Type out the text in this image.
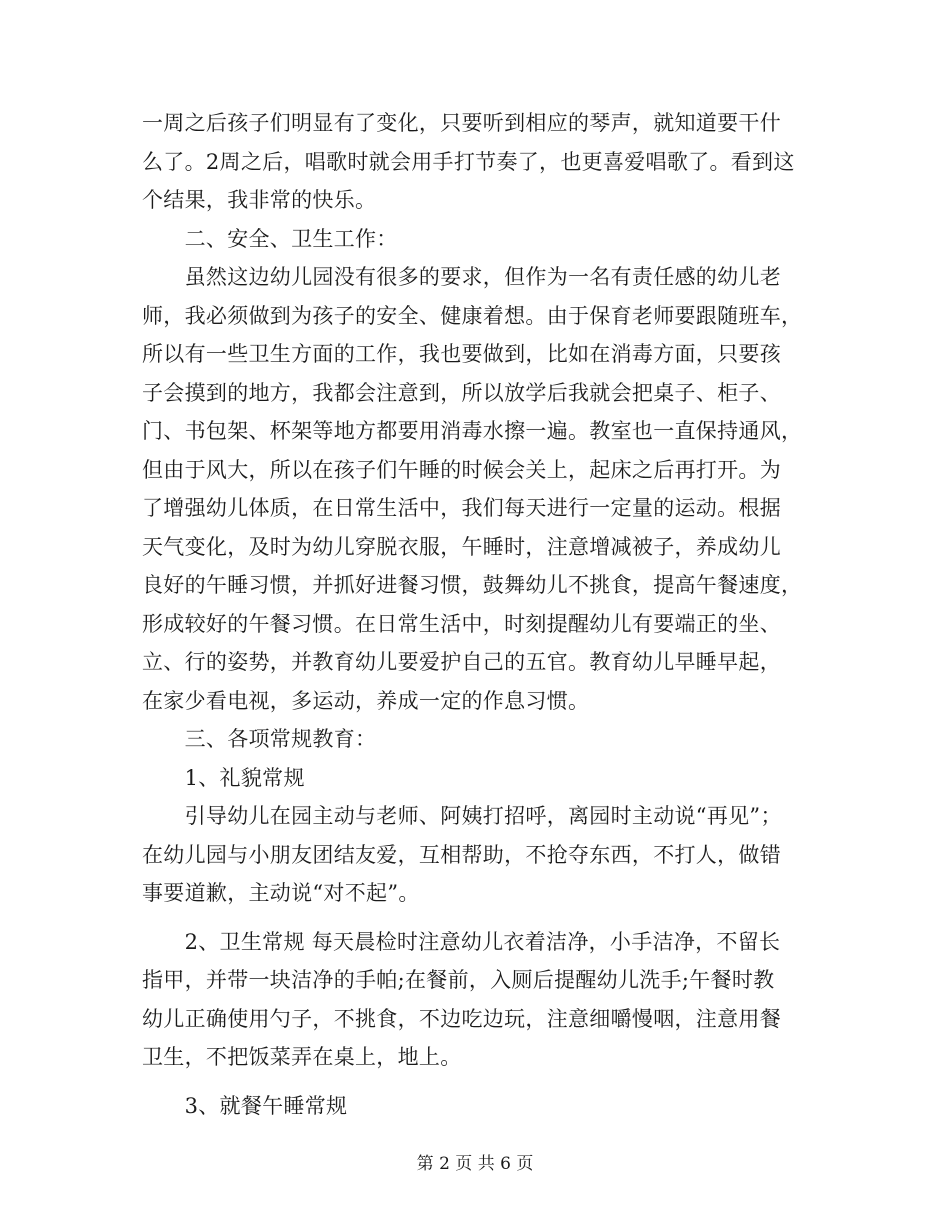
一周之后孩子们明显有了变化，只要听到相应的琴声，就知道要干什
么了。2周之后，唱歌时就会用手打节奏了，也更喜爱唱歌了。看到这
个结果，我非常的快乐。
　　二、安全、卫生工作：
　　虽然这边幼儿园没有很多的要求，但作为一名有责任感的幼儿老
师，我必须做到为孩子的安全、健康着想。由于保育老师要跟随班车，
所以有一些卫生方面的工作，我也要做到，比如在消毒方面，只要孩
子会摸到的地方，我都会注意到，所以放学后我就会把桌子、柜子、
门、书包架、杯架等地方都要用消毒水擦一遍。教室也一直保持通风，
但由于风大，所以在孩子们午睡的时候会关上，起床之后再打开。为
了增强幼儿体质，在日常生活中，我们每天进行一定量的运动。根据
天气变化，及时为幼儿穿脱衣服，午睡时，注意增减被子，养成幼儿
良好的午睡习惯，并抓好进餐习惯，鼓舞幼儿不挑食，提高午餐速度，
形成较好的午餐习惯。在日常生活中，时刻提醒幼儿有要端正的坐、
立、行的姿势，并教育幼儿要爱护自己的五官。教育幼儿早睡早起，
在家少看电视，多运动，养成一定的作息习惯。
　　三、各项常规教育：
　　1、礼貌常规
　　引导幼儿在园主动与老师、阿姨打招呼，离园时主动说“再见”；
在幼儿园与小朋友团结友爱，互相帮助，不抢夺东西，不打人，做错
事要道歉，主动说“对不起”。
　　2、卫生常规 每天晨检时注意幼儿衣着洁净，小手洁净，不留长
指甲，并带一块洁净的手帕;在餐前，入厕后提醒幼儿洗手;午餐时教
幼儿正确使用勺子，不挑食，不边吃边玩，注意细嚼慢咽，注意用餐
卫生，不把饭菜弄在桌上，地上。
　　3、就餐午睡常规
第 2 页 共 6 页
